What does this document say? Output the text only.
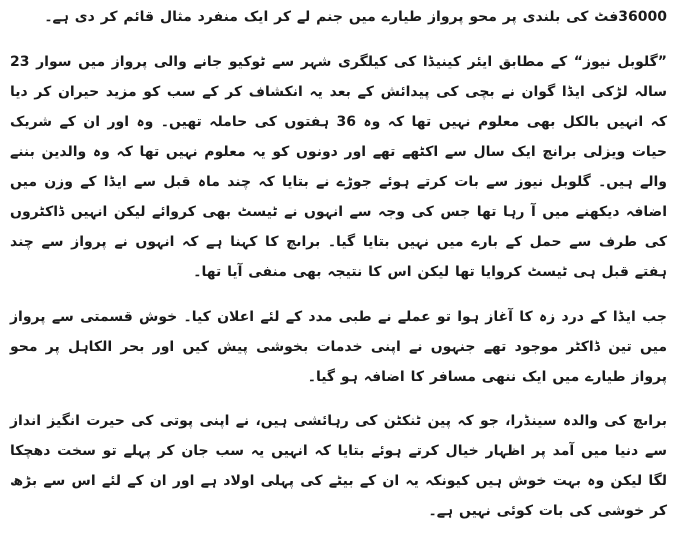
36000فٹ کی بلندی پر محو پرواز طیارے میں جنم لے کر ایک منفرد مثال قائم کر دی ہے۔

”گلوبل نیوز“ کے مطابق ایئر کینیڈا کی کیلگری شہر سے ٹوکیو جانے والی پرواز میں سوار 23 سالہ لڑکی ایڈا گوان نے بچی کی پیدائش کے بعد یہ انکشاف کر کے سب کو مزید حیران کر دیا کہ انہیں بالکل بھی معلوم نہیں تھا کہ وہ 36 ہفتوں کی حاملہ تھیں۔ وہ اور ان کے شریک حیات ویزلی برانچ ایک سال سے اکٹھے تھے اور دونوں کو یہ معلوم نہیں تھا کہ وہ والدین بننے والے ہیں۔ گلوبل نیوز سے بات کرتے ہوئے جوڑے نے بتایا کہ چند ماہ قبل سے ایڈا کے وزن میں اضافہ دیکھنے میں آ رہا تھا جس کی وجہ سے انہوں نے ٹیسٹ بھی کروائے لیکن انہیں ڈاکٹروں کی طرف سے حمل کے بارے میں نہیں بتایا گیا۔ براںچ کا کہنا ہے کہ انہوں نے پرواز سے چند ہفتے قبل ہی ٹیسٹ کروایا تھا لیکن اس کا نتیجہ بھی منفی آیا تھا۔

جب ایڈا کے درد زہ کا آغاز ہوا تو عملے نے طبی مدد کے لئے اعلان کیا۔ خوش قسمتی سے پرواز میں تین ڈاکٹر موجود تھے جنہوں نے اپنی خدمات بخوشی پیش کیں اور بحر الکاہل پر محو پرواز طیارے میں ایک ننھی مسافر کا اضافہ ہو گیا۔

براںچ کی والدہ سینڈرا، جو کہ پین ٹنکٹن کی رہائشی ہیں، نے اپنی پوتی کی حیرت انگیز انداز سے دنیا میں آمد پر اظہار خیال کرتے ہوئے بتایا کہ انہیں یہ سب جان کر پہلے تو سخت دھچکا لگا لیکن وہ بہت خوش ہیں کیونکہ یہ ان کے بیٹے کی پہلی اولاد ہے اور ان کے لئے اس سے بڑھ کر خوشی کی بات کوئی نہیں ہے۔
